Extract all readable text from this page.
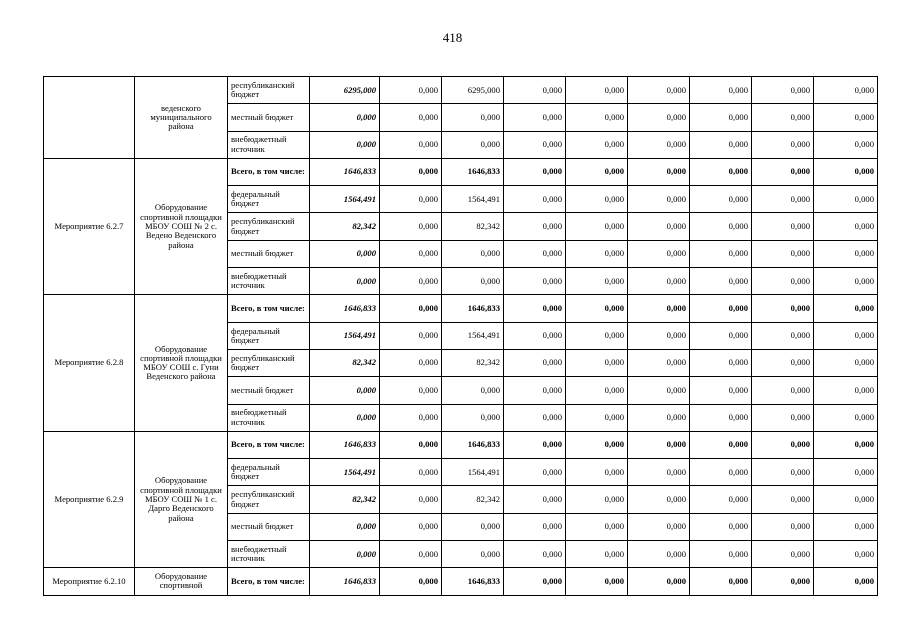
418
	веденского муниципального района	республиканский бюджет	6295,000	0,000	6295,000	0,000	0,000	0,000	0,000	0,000	0,000
		местный бюджет	0,000	0,000	0,000	0,000	0,000	0,000	0,000	0,000	0,000
		внебюджетный источник	0,000	0,000	0,000	0,000	0,000	0,000	0,000	0,000	0,000
Мероприятие 6.2.7	Оборудование спортивной площадки МБОУ СОШ № 2 с. Ведено Веденского района	Всего, в том числе:	1646,833	0,000	1646,833	0,000	0,000	0,000	0,000	0,000	0,000
		федеральный бюджет	1564,491	0,000	1564,491	0,000	0,000	0,000	0,000	0,000	0,000
		республиканский бюджет	82,342	0,000	82,342	0,000	0,000	0,000	0,000	0,000	0,000
		местный бюджет	0,000	0,000	0,000	0,000	0,000	0,000	0,000	0,000	0,000
		внебюджетный источник	0,000	0,000	0,000	0,000	0,000	0,000	0,000	0,000	0,000
Мероприятие 6.2.8	Оборудование спортивной площадки МБОУ СОШ с. Гуни Веденского района	Всего, в том числе:	1646,833	0,000	1646,833	0,000	0,000	0,000	0,000	0,000	0,000
		федеральный бюджет	1564,491	0,000	1564,491	0,000	0,000	0,000	0,000	0,000	0,000
		республиканский бюджет	82,342	0,000	82,342	0,000	0,000	0,000	0,000	0,000	0,000
		местный бюджет	0,000	0,000	0,000	0,000	0,000	0,000	0,000	0,000	0,000
		внебюджетный источник	0,000	0,000	0,000	0,000	0,000	0,000	0,000	0,000	0,000
Мероприятие 6.2.9	Оборудование спортивной площадки МБОУ СОШ № 1 с. Дарго Веденского района	Всего, в том числе:	1646,833	0,000	1646,833	0,000	0,000	0,000	0,000	0,000	0,000
		федеральный бюджет	1564,491	0,000	1564,491	0,000	0,000	0,000	0,000	0,000	0,000
		республиканский бюджет	82,342	0,000	82,342	0,000	0,000	0,000	0,000	0,000	0,000
		местный бюджет	0,000	0,000	0,000	0,000	0,000	0,000	0,000	0,000	0,000
		внебюджетный источник	0,000	0,000	0,000	0,000	0,000	0,000	0,000	0,000	0,000
Мероприятие 6.2.10	Оборудование спортивной	Всего, в том числе:	1646,833	0,000	1646,833	0,000	0,000	0,000	0,000	0,000	0,000
